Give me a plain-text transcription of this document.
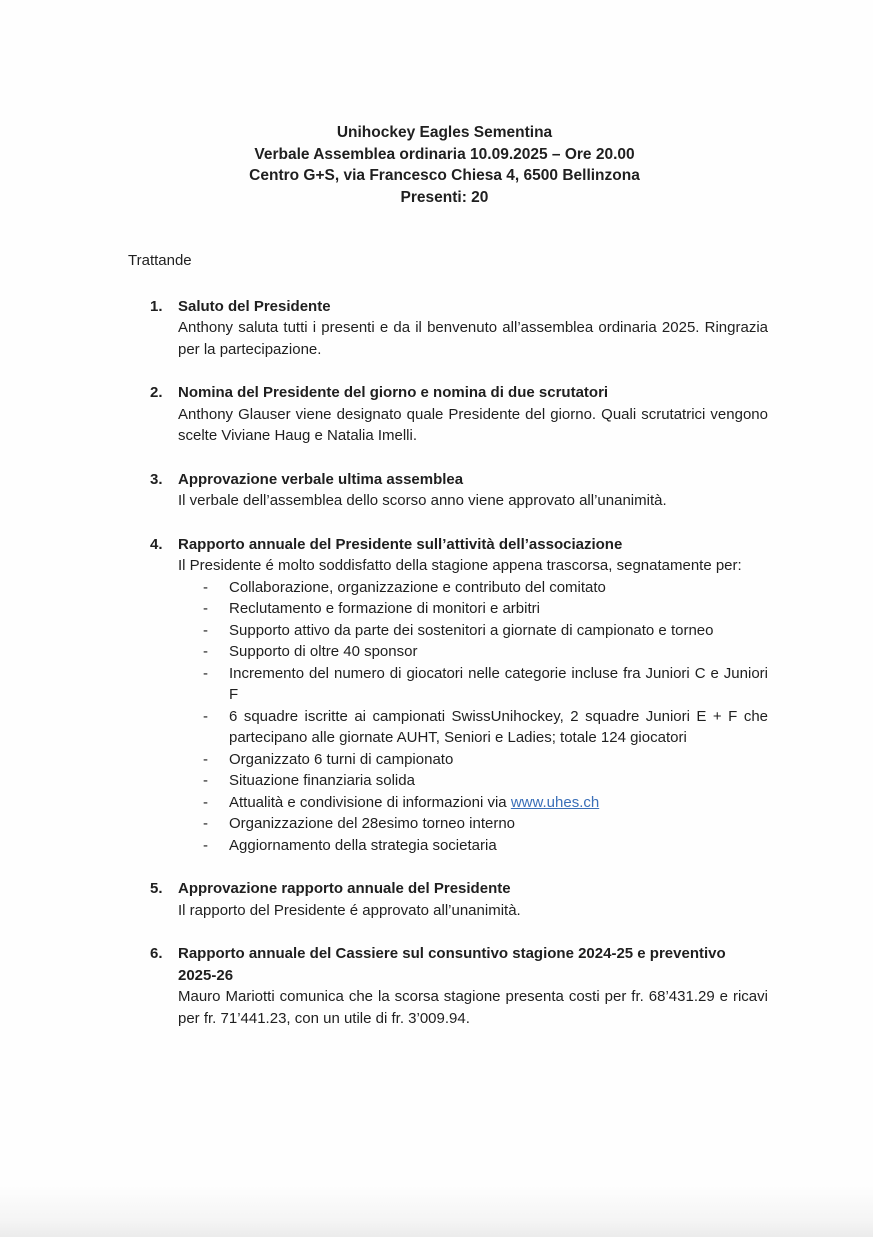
Unihockey Eagles Sementina
Verbale Assemblea ordinaria 10.09.2025 – Ore 20.00
Centro G+S, via Francesco Chiesa 4, 6500 Bellinzona
Presenti: 20
Trattande
1.	Saluto del Presidente
Anthony saluta tutti i presenti e da il benvenuto all’assemblea ordinaria 2025. Ringrazia per la partecipazione.
2.	Nomina del Presidente del giorno e nomina di due scrutatori
Anthony Glauser viene designato quale Presidente del giorno. Quali scrutatrici vengono scelte Viviane Haug e Natalia Imelli.
3.	Approvazione verbale ultima assemblea
Il verbale dell’assemblea dello scorso anno viene approvato all’unanimità.
4.	Rapporto annuale del Presidente sull’attività dell’associazione
Il Presidente é molto soddisfatto della stagione appena trascorsa, segnatamente per:
-	Collaborazione, organizzazione e contributo del comitato
-	Reclutamento e formazione di monitori e arbitri
-	Supporto attivo da parte dei sostenitori a giornate di campionato e torneo
-	Supporto di oltre 40 sponsor
-	Incremento del numero di giocatori nelle categorie incluse fra Juniori C e Juniori F
-	6 squadre iscritte ai campionati SwissUnihockey, 2 squadre Juniori E + F che partecipano alle giornate AUHT, Seniori e Ladies; totale 124 giocatori
-	Organizzato 6 turni di campionato
-	Situazione finanziaria solida
-	Attualità e condivisione di informazioni via www.uhes.ch
-	Organizzazione del 28esimo torneo interno
-	Aggiornamento della strategia societaria
5.	Approvazione rapporto annuale del Presidente
Il rapporto del Presidente é approvato all’unanimità.
6.	Rapporto annuale del Cassiere sul consuntivo stagione 2024-25 e preventivo 2025-26
Mauro Mariotti comunica che la scorsa stagione presenta costi per fr. 68’431.29 e ricavi per fr. 71’441.23, con un utile di fr. 3’009.94.
